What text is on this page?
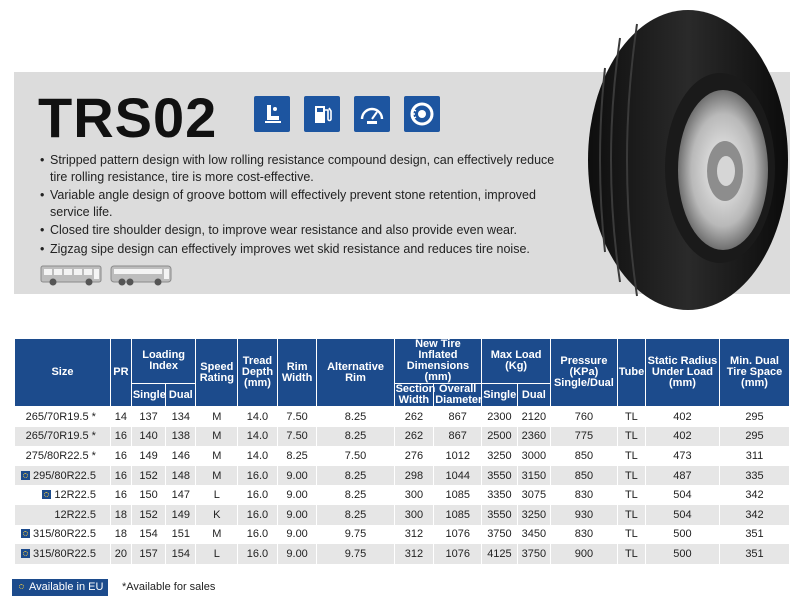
TRS02
• Stripped pattern design with low rolling resistance compound design, can effectively reduce tire rolling resistance, tire is more cost-effective.
• Variable angle design of groove bottom will effectively prevent stone retention, improved service life.
• Closed tire shoulder design, to improve wear resistance and also provide even wear.
• Zigzag sipe design can effectively improves wet skid resistance and reduces tire noise.
Size	PR	Loading Index		Speed Rating	Tread Depth (mm)	Rim Width	Alternative Rim	New Tire Inflated Dimensions (mm)		Max Load (Kg)		Pressure (KPa) Single/Dual	Tube	Static Radius Under Load (mm)	Min. Dual Tire Space (mm)
		Single	Dual					Section Width	Overall Diameter	Single	Dual				
265/70R19.5 *	14	137	134	M	14.0	7.50	8.25	262	867	2300	2120	760	TL	402	295
265/70R19.5 *	16	140	138	M	14.0	7.50	8.25	262	867	2500	2360	775	TL	402	295
275/80R22.5 *	16	149	146	M	14.0	8.25	7.50	276	1012	3250	3000	850	TL	473	311
295/80R22.5	16	152	148	M	16.0	9.00	8.25	298	1044	3550	3150	850	TL	487	335
12R22.5	16	150	147	L	16.0	9.00	8.25	300	1085	3350	3075	830	TL	504	342
12R22.5	18	152	149	K	16.0	9.00	8.25	300	1085	3550	3250	930	TL	504	342
315/80R22.5	18	154	151	M	16.0	9.00	9.75	312	1076	3750	3450	830	TL	500	351
315/80R22.5	20	157	154	L	16.0	9.00	9.75	312	1076	4125	3750	900	TL	500	351
Available in EU	*Available for sales
